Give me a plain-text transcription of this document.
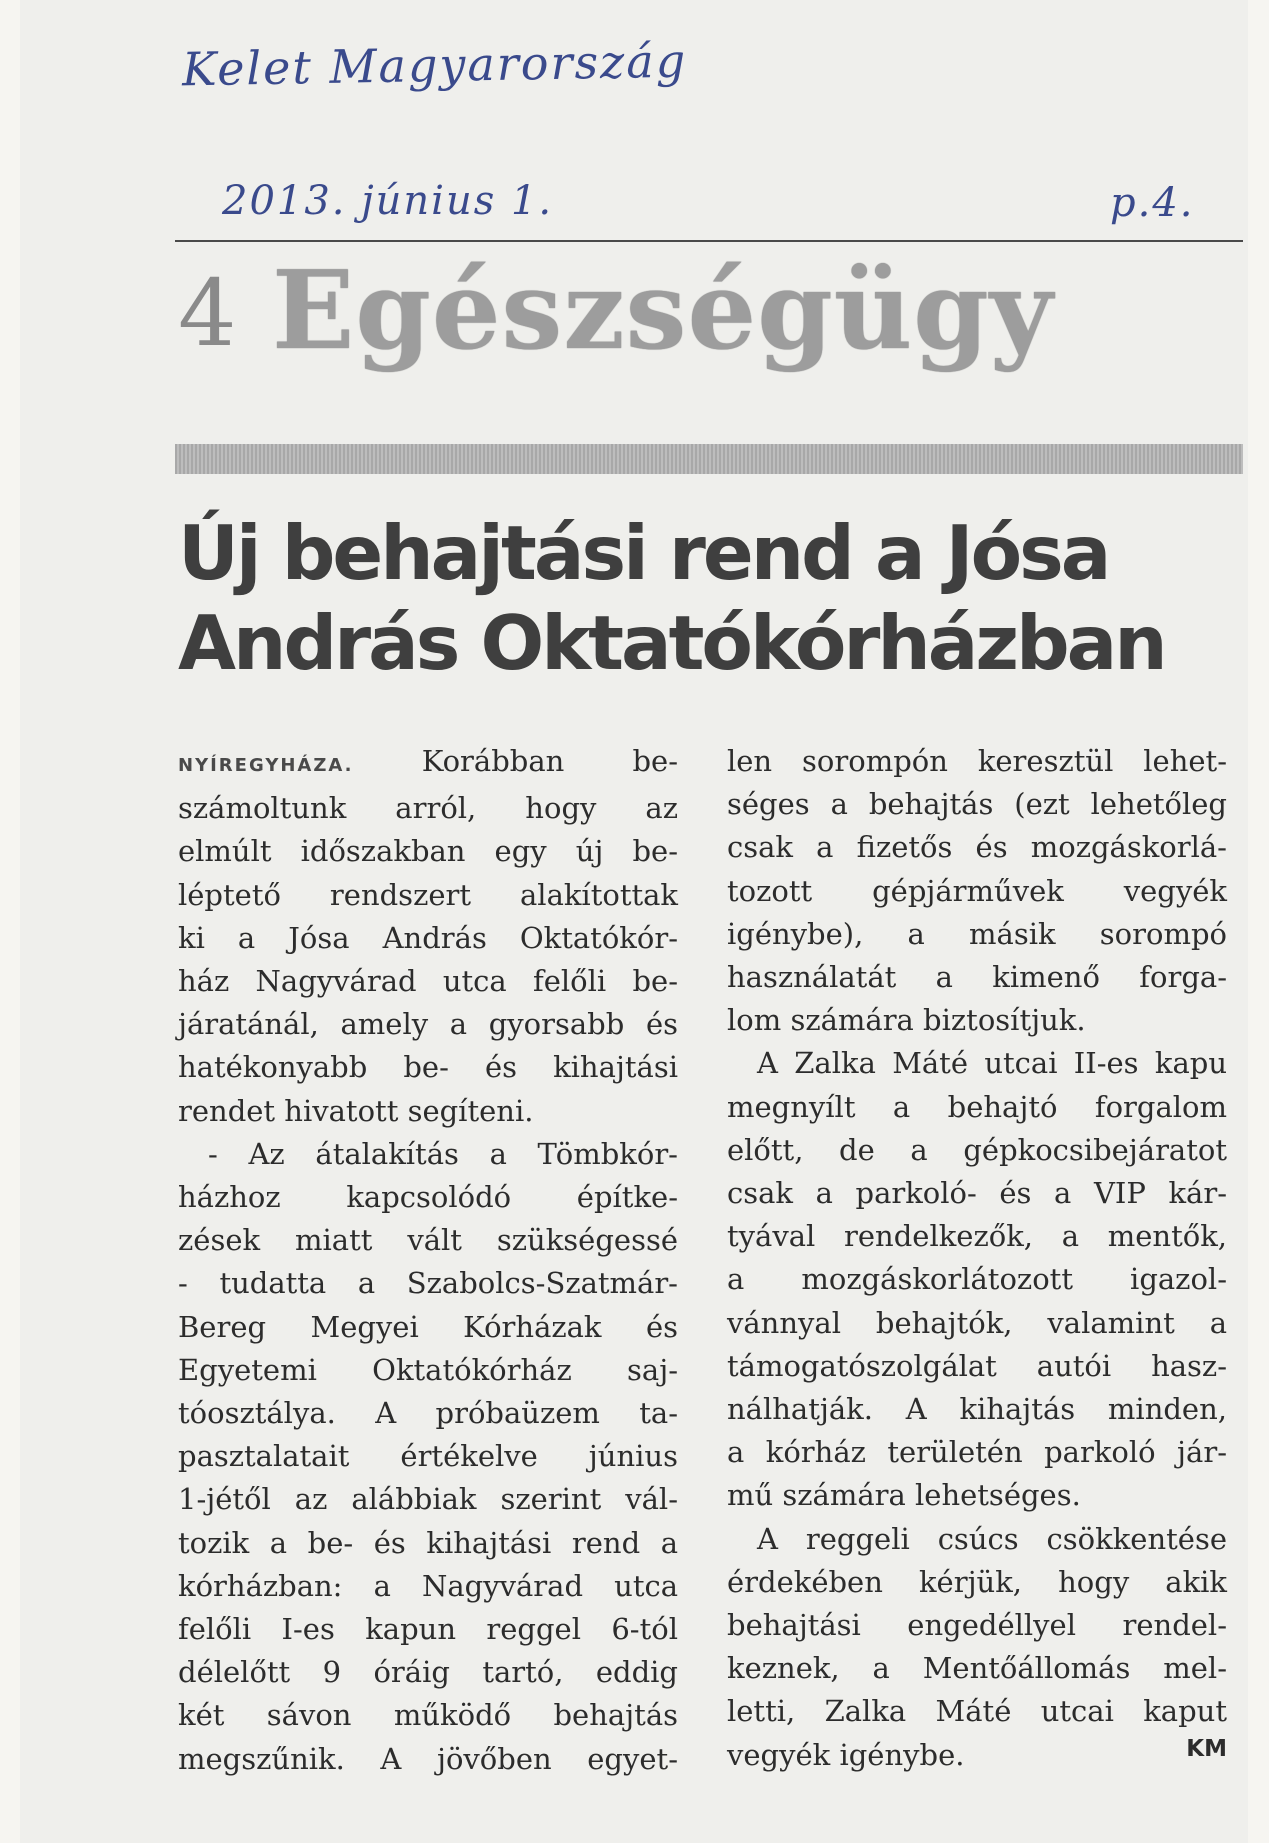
Kelet Magyarország
2013. június 1.	p.4.
4 Egészségügy
Új behajtási rend a Jósa
András Oktatókórházban

NYÍREGYHÁZA. Korábban be-
számoltunk arról, hogy az
elmúlt időszakban egy új be-
léptető rendszert alakítottak
ki a Jósa András Oktatókór-
ház Nagyvárad utca felőli be-
járatánál, amely a gyorsabb és
hatékonyabb be- és kihajtási
rendet hivatott segíteni.

- Az átalakítás a Tömbkór-
házhoz kapcsolódó építke-
zések miatt vált szükségessé
- tudatta a Szabolcs-Szatmár-
Bereg Megyei Kórházak és
Egyetemi Oktatókórház saj-
tóosztálya. A próbaüzem ta-
pasztalatait értékelve június
1-jétől az alábbiak szerint vál-
tozik a be- és kihajtási rend a
kórházban: a Nagyvárad utca
felőli I-es kapun reggel 6-tól
délelőtt 9 óráig tartó, eddig
két sávon működő behajtás
megszűnik. A jövőben egyet-

len sorompón keresztül lehet-
séges a behajtás (ezt lehetőleg
csak a fizetős és mozgáskorlá-
tozott gépjárművek vegyék
igénybe), a másik sorompó
használatát a kimenő forga-
lom számára biztosítjuk.

A Zalka Máté utcai II-es kapu
megnyílt a behajtó forgalom
előtt, de a gépkocsibejáratot
csak a parkoló- és a VIP kár-
tyával rendelkezők, a mentők,
a mozgáskorlátozott igazol-
vánnyal behajtók, valamint a
támogatószolgálat autói hasz-
nálhatják. A kihajtás minden,
a kórház területén parkoló jár-
mű számára lehetséges.

A reggeli csúcs csökkentése
érdekében kérjük, hogy akik
behajtási engedéllyel rendel-
keznek, a Mentőállomás mel-
letti, Zalka Máté utcai kaput
vegyék igénybe.	KM
